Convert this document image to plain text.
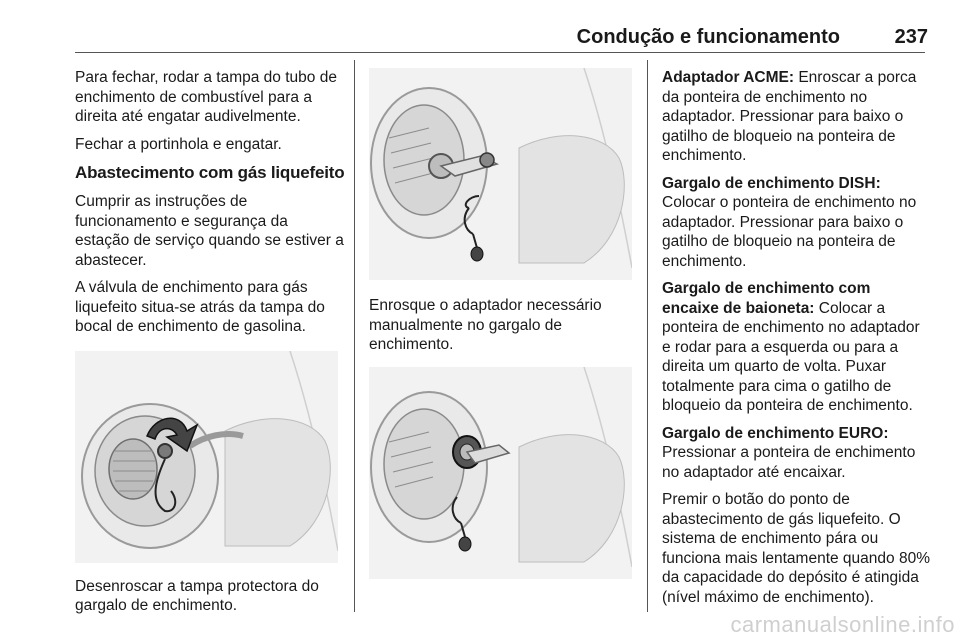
Condução e funcionamento	237

Para fechar, rodar a tampa do tubo de enchimento de combustível para a direita até engatar audivelmente.

Fechar a portinhola e engatar.

Abastecimento com gás liquefeito

Cumprir as instruções de funcionamento e segurança da estação de serviço quando se estiver a abastecer.

A válvula de enchimento para gás liquefeito situa-se atrás da tampa do bocal de enchimento de gasolina.

Desenroscar a tampa protectora do gargalo de enchimento.

Enrosque o adaptador necessário manualmente no gargalo de enchimento.

Adaptador ACME: Enroscar a porca da ponteira de enchimento no adaptador. Pressionar para baixo o gatilho de bloqueio na ponteira de enchimento.

Gargalo de enchimento DISH: Colocar o ponteira de enchimento no adaptador. Pressionar para baixo o gatilho de bloqueio na ponteira de enchimento.

Gargalo de enchimento com encaixe de baioneta: Colocar a ponteira de enchimento no adaptador e rodar para a esquerda ou para a direita um quarto de volta. Puxar totalmente para cima o gatilho de bloqueio da ponteira de enchimento.

Gargalo de enchimento EURO: Pressionar a ponteira de enchimento no adaptador até encaixar.

Premir o botão do ponto de abastecimento de gás liquefeito. O sistema de enchimento pára ou funciona mais lentamente quando 80% da capacidade do depósito é atingida (nível máximo de enchimento).

carmanualsonline.info
